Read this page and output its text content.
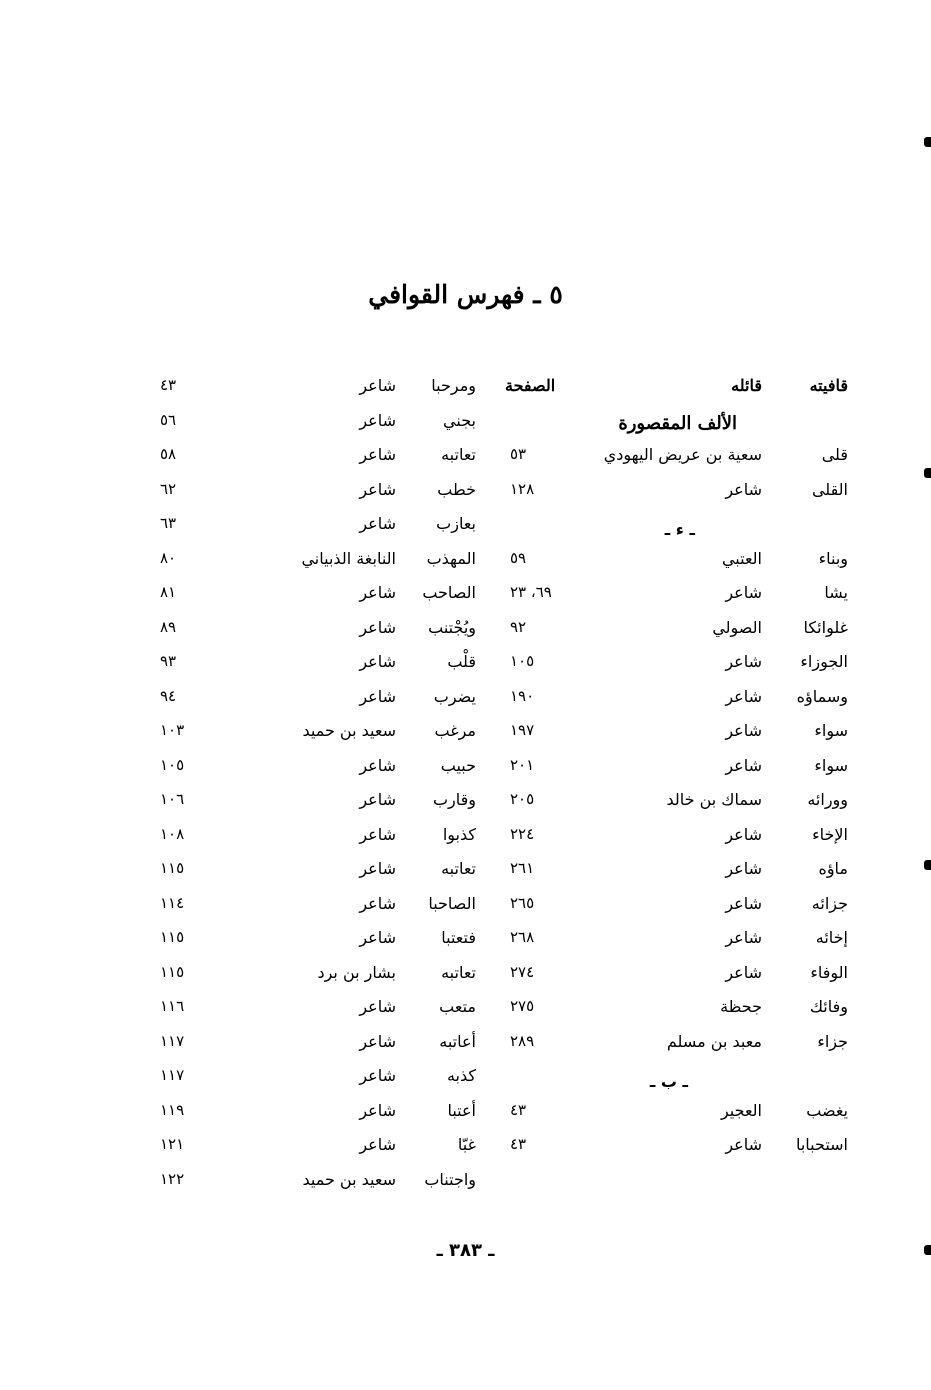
٥ ـ فهرس القوافي
قافيته
قائله
الصفحة
الألف المقصورة
قلى
سعية بن عريض اليهودي
٥٣
القلى
شاعر
١٢٨
ـ ء ـ
وبناء
العتبي
٥٩
يشا
شاعر
٦٩، ٢٣
غلوائكا
الصولي
٩٢
الجوزاء
شاعر
١٠٥
وسماؤه
شاعر
١٩٠
سواء
شاعر
١٩٧
سواء
شاعر
٢٠١
وورائه
سماك بن خالد
٢٠٥
الإخاء
شاعر
٢٢٤
ماؤه
شاعر
٢٦١
جزائه
شاعر
٢٦٥
إخائه
شاعر
٢٦٨
الوفاء
شاعر
٢٧٤
وفائك
جحظة
٢٧٥
جزاء
معبد بن مسلم
٢٨٩
ـ ب ـ
يغضب
العجير
٤٣
استحبابا
شاعر
٤٣
ومرحبا
شاعر
٤٣
بجني
شاعر
٥٦
تعاتبه
شاعر
٥٨
خطب
شاعر
٦٢
بعازب
شاعر
٦٣
المهذب
النابغة الذبياني
٨٠
الصاحب
شاعر
٨١
ويُجْتنب
شاعر
٨٩
قلْب
شاعر
٩٣
يضرب
شاعر
٩٤
مرغب
سعيد بن حميد
١٠٣
حبيب
شاعر
١٠٥
وقارب
شاعر
١٠٦
كذبوا
شاعر
١٠٨
تعاتبه
شاعر
١١٥
الصاحبا
شاعر
١١٤
فتعتبا
شاعر
١١٥
تعاتبه
بشار بن برد
١١٥
متعب
شاعر
١١٦
أعاتبه
شاعر
١١٧
كذبه
شاعر
١١٧
أعتبا
شاعر
١١٩
غبّا
شاعر
١٢١
واجتناب
سعيد بن حميد
١٢٢
ـ ٣٨٣ ـ
